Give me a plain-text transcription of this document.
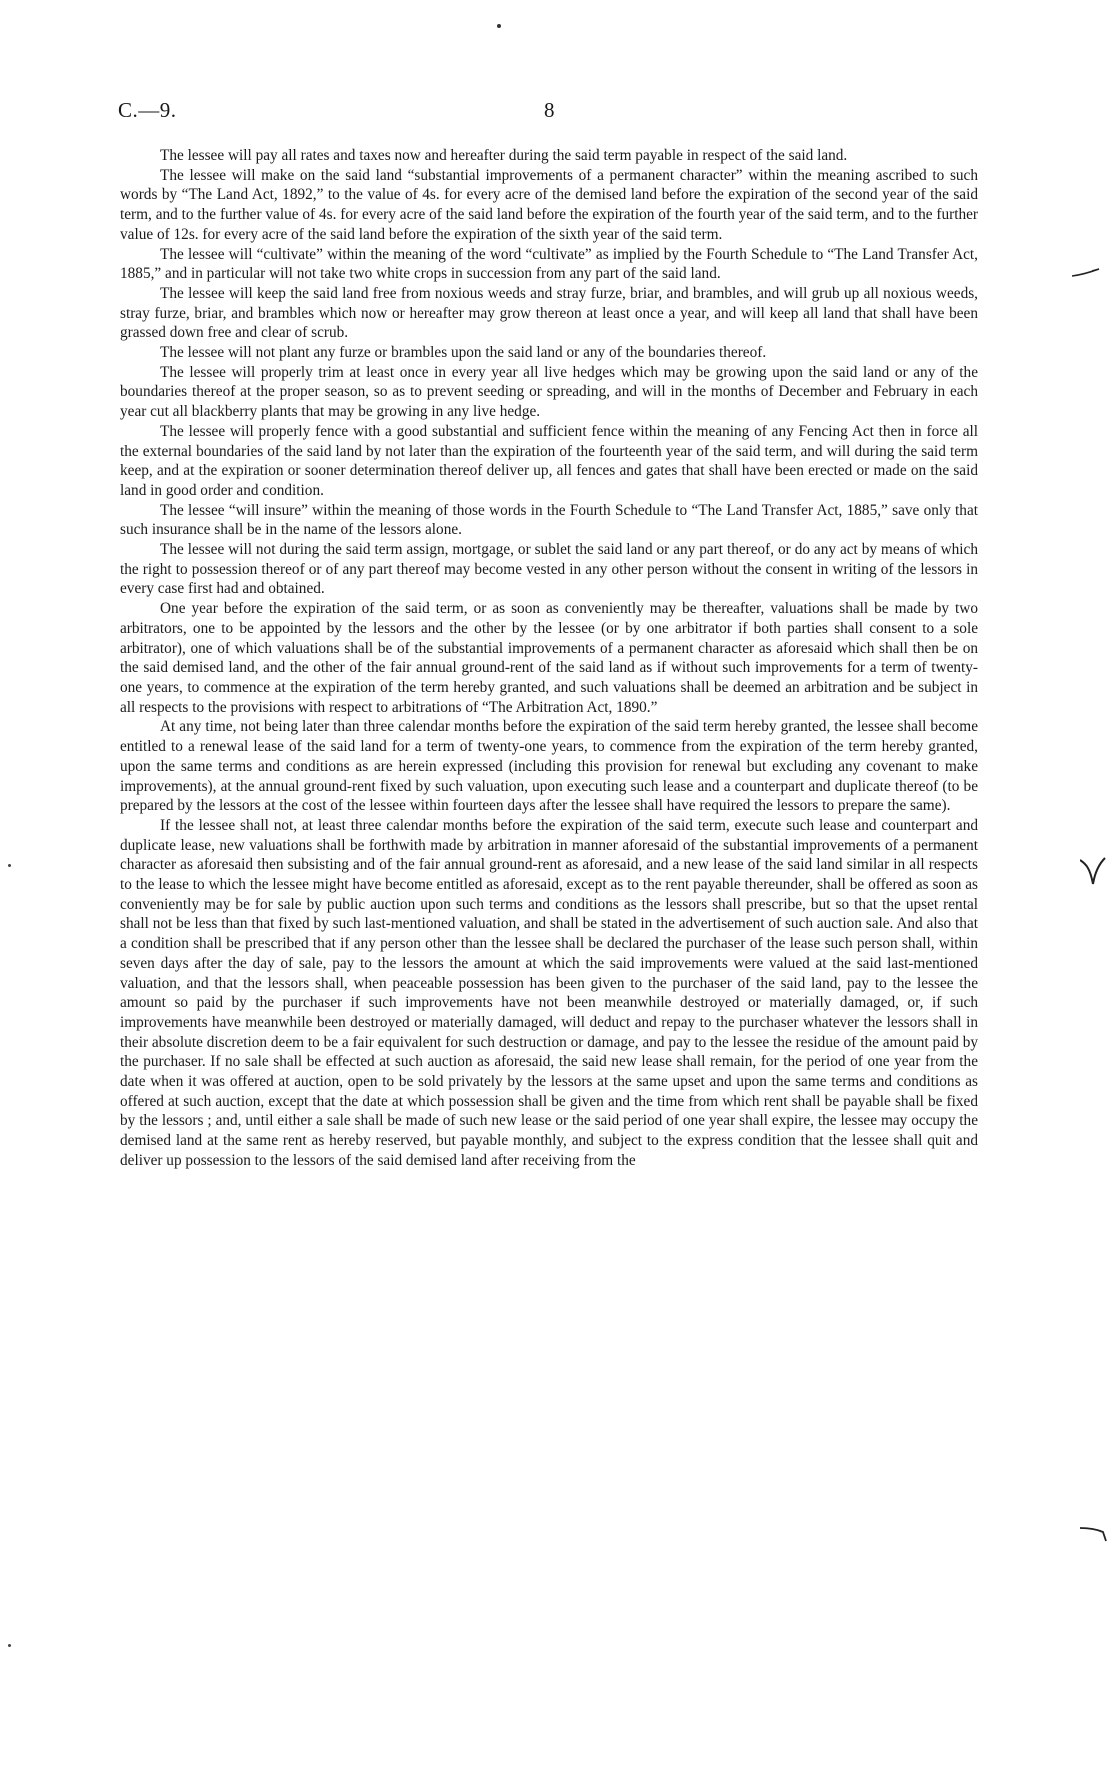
C.—9.	8

The lessee will pay all rates and taxes now and hereafter during the said term payable in respect of the said land.

The lessee will make on the said land “substantial improvements of a permanent character” within the meaning ascribed to such words by “The Land Act, 1892,” to the value of 4s. for every acre of the demised land before the expiration of the second year of the said term, and to the further value of 4s. for every acre of the said land before the expiration of the fourth year of the said term, and to the further value of 12s. for every acre of the said land before the expiration of the sixth year of the said term.

The lessee will “cultivate” within the meaning of the word “cultivate” as implied by the Fourth Schedule to “The Land Transfer Act, 1885,” and in particular will not take two white crops in succession from any part of the said land.

The lessee will keep the said land free from noxious weeds and stray furze, briar, and brambles, and will grub up all noxious weeds, stray furze, briar, and brambles which now or hereafter may grow thereon at least once a year, and will keep all land that shall have been grassed down free and clear of scrub.

The lessee will not plant any furze or brambles upon the said land or any of the boundaries thereof.

The lessee will properly trim at least once in every year all live hedges which may be growing upon the said land or any of the boundaries thereof at the proper season, so as to prevent seeding or spreading, and will in the months of December and February in each year cut all blackberry plants that may be growing in any live hedge.

The lessee will properly fence with a good substantial and sufficient fence within the meaning of any Fencing Act then in force all the external boundaries of the said land by not later than the expiration of the fourteenth year of the said term, and will during the said term keep, and at the expiration or sooner determination thereof deliver up, all fences and gates that shall have been erected or made on the said land in good order and condition.

The lessee “will insure” within the meaning of those words in the Fourth Schedule to “The Land Transfer Act, 1885,” save only that such insurance shall be in the name of the lessors alone.

The lessee will not during the said term assign, mortgage, or sublet the said land or any part thereof, or do any act by means of which the right to possession thereof or of any part thereof may become vested in any other person without the consent in writing of the lessors in every case first had and obtained.

One year before the expiration of the said term, or as soon as conveniently may be thereafter, valuations shall be made by two arbitrators, one to be appointed by the lessors and the other by the lessee (or by one arbitrator if both parties shall consent to a sole arbitrator), one of which valuations shall be of the substantial improvements of a permanent character as aforesaid which shall then be on the said demised land, and the other of the fair annual ground-rent of the said land as if without such improvements for a term of twenty-one years, to commence at the expiration of the term hereby granted, and such valuations shall be deemed an arbitration and be subject in all respects to the provisions with respect to arbitrations of “The Arbitration Act, 1890.”

At any time, not being later than three calendar months before the expiration of the said term hereby granted, the lessee shall become entitled to a renewal lease of the said land for a term of twenty-one years, to commence from the expiration of the term hereby granted, upon the same terms and conditions as are herein expressed (including this provision for renewal but excluding any covenant to make improvements), at the annual ground-rent fixed by such valuation, upon executing such lease and a counterpart and duplicate thereof (to be prepared by the lessors at the cost of the lessee within fourteen days after the lessee shall have required the lessors to prepare the same).

If the lessee shall not, at least three calendar months before the expiration of the said term, execute such lease and counterpart and duplicate lease, new valuations shall be forthwith made by arbitration in manner aforesaid of the substantial improvements of a permanent character as aforesaid then subsisting and of the fair annual ground-rent as aforesaid, and a new lease of the said land similar in all respects to the lease to which the lessee might have become entitled as aforesaid, except as to the rent payable thereunder, shall be offered as soon as conveniently may be for sale by public auction upon such terms and conditions as the lessors shall prescribe, but so that the upset rental shall not be less than that fixed by such last-mentioned valuation, and shall be stated in the advertisement of such auction sale. And also that a condition shall be prescribed that if any person other than the lessee shall be declared the purchaser of the lease such person shall, within seven days after the day of sale, pay to the lessors the amount at which the said improvements were valued at the said last-mentioned valuation, and that the lessors shall, when peaceable possession has been given to the purchaser of the said land, pay to the lessee the amount so paid by the purchaser if such improvements have not been meanwhile destroyed or materially damaged, or, if such improvements have meanwhile been destroyed or materially damaged, will deduct and repay to the purchaser whatever the lessors shall in their absolute discretion deem to be a fair equivalent for such destruction or damage, and pay to the lessee the residue of the amount paid by the purchaser. If no sale shall be effected at such auction as aforesaid, the said new lease shall remain, for the period of one year from the date when it was offered at auction, open to be sold privately by the lessors at the same upset and upon the same terms and conditions as offered at such auction, except that the date at which possession shall be given and the time from which rent shall be payable shall be fixed by the lessors ; and, until either a sale shall be made of such new lease or the said period of one year shall expire, the lessee may occupy the demised land at the same rent as hereby reserved, but payable monthly, and subject to the express condition that the lessee shall quit and deliver up possession to the lessors of the said demised land after receiving from the
